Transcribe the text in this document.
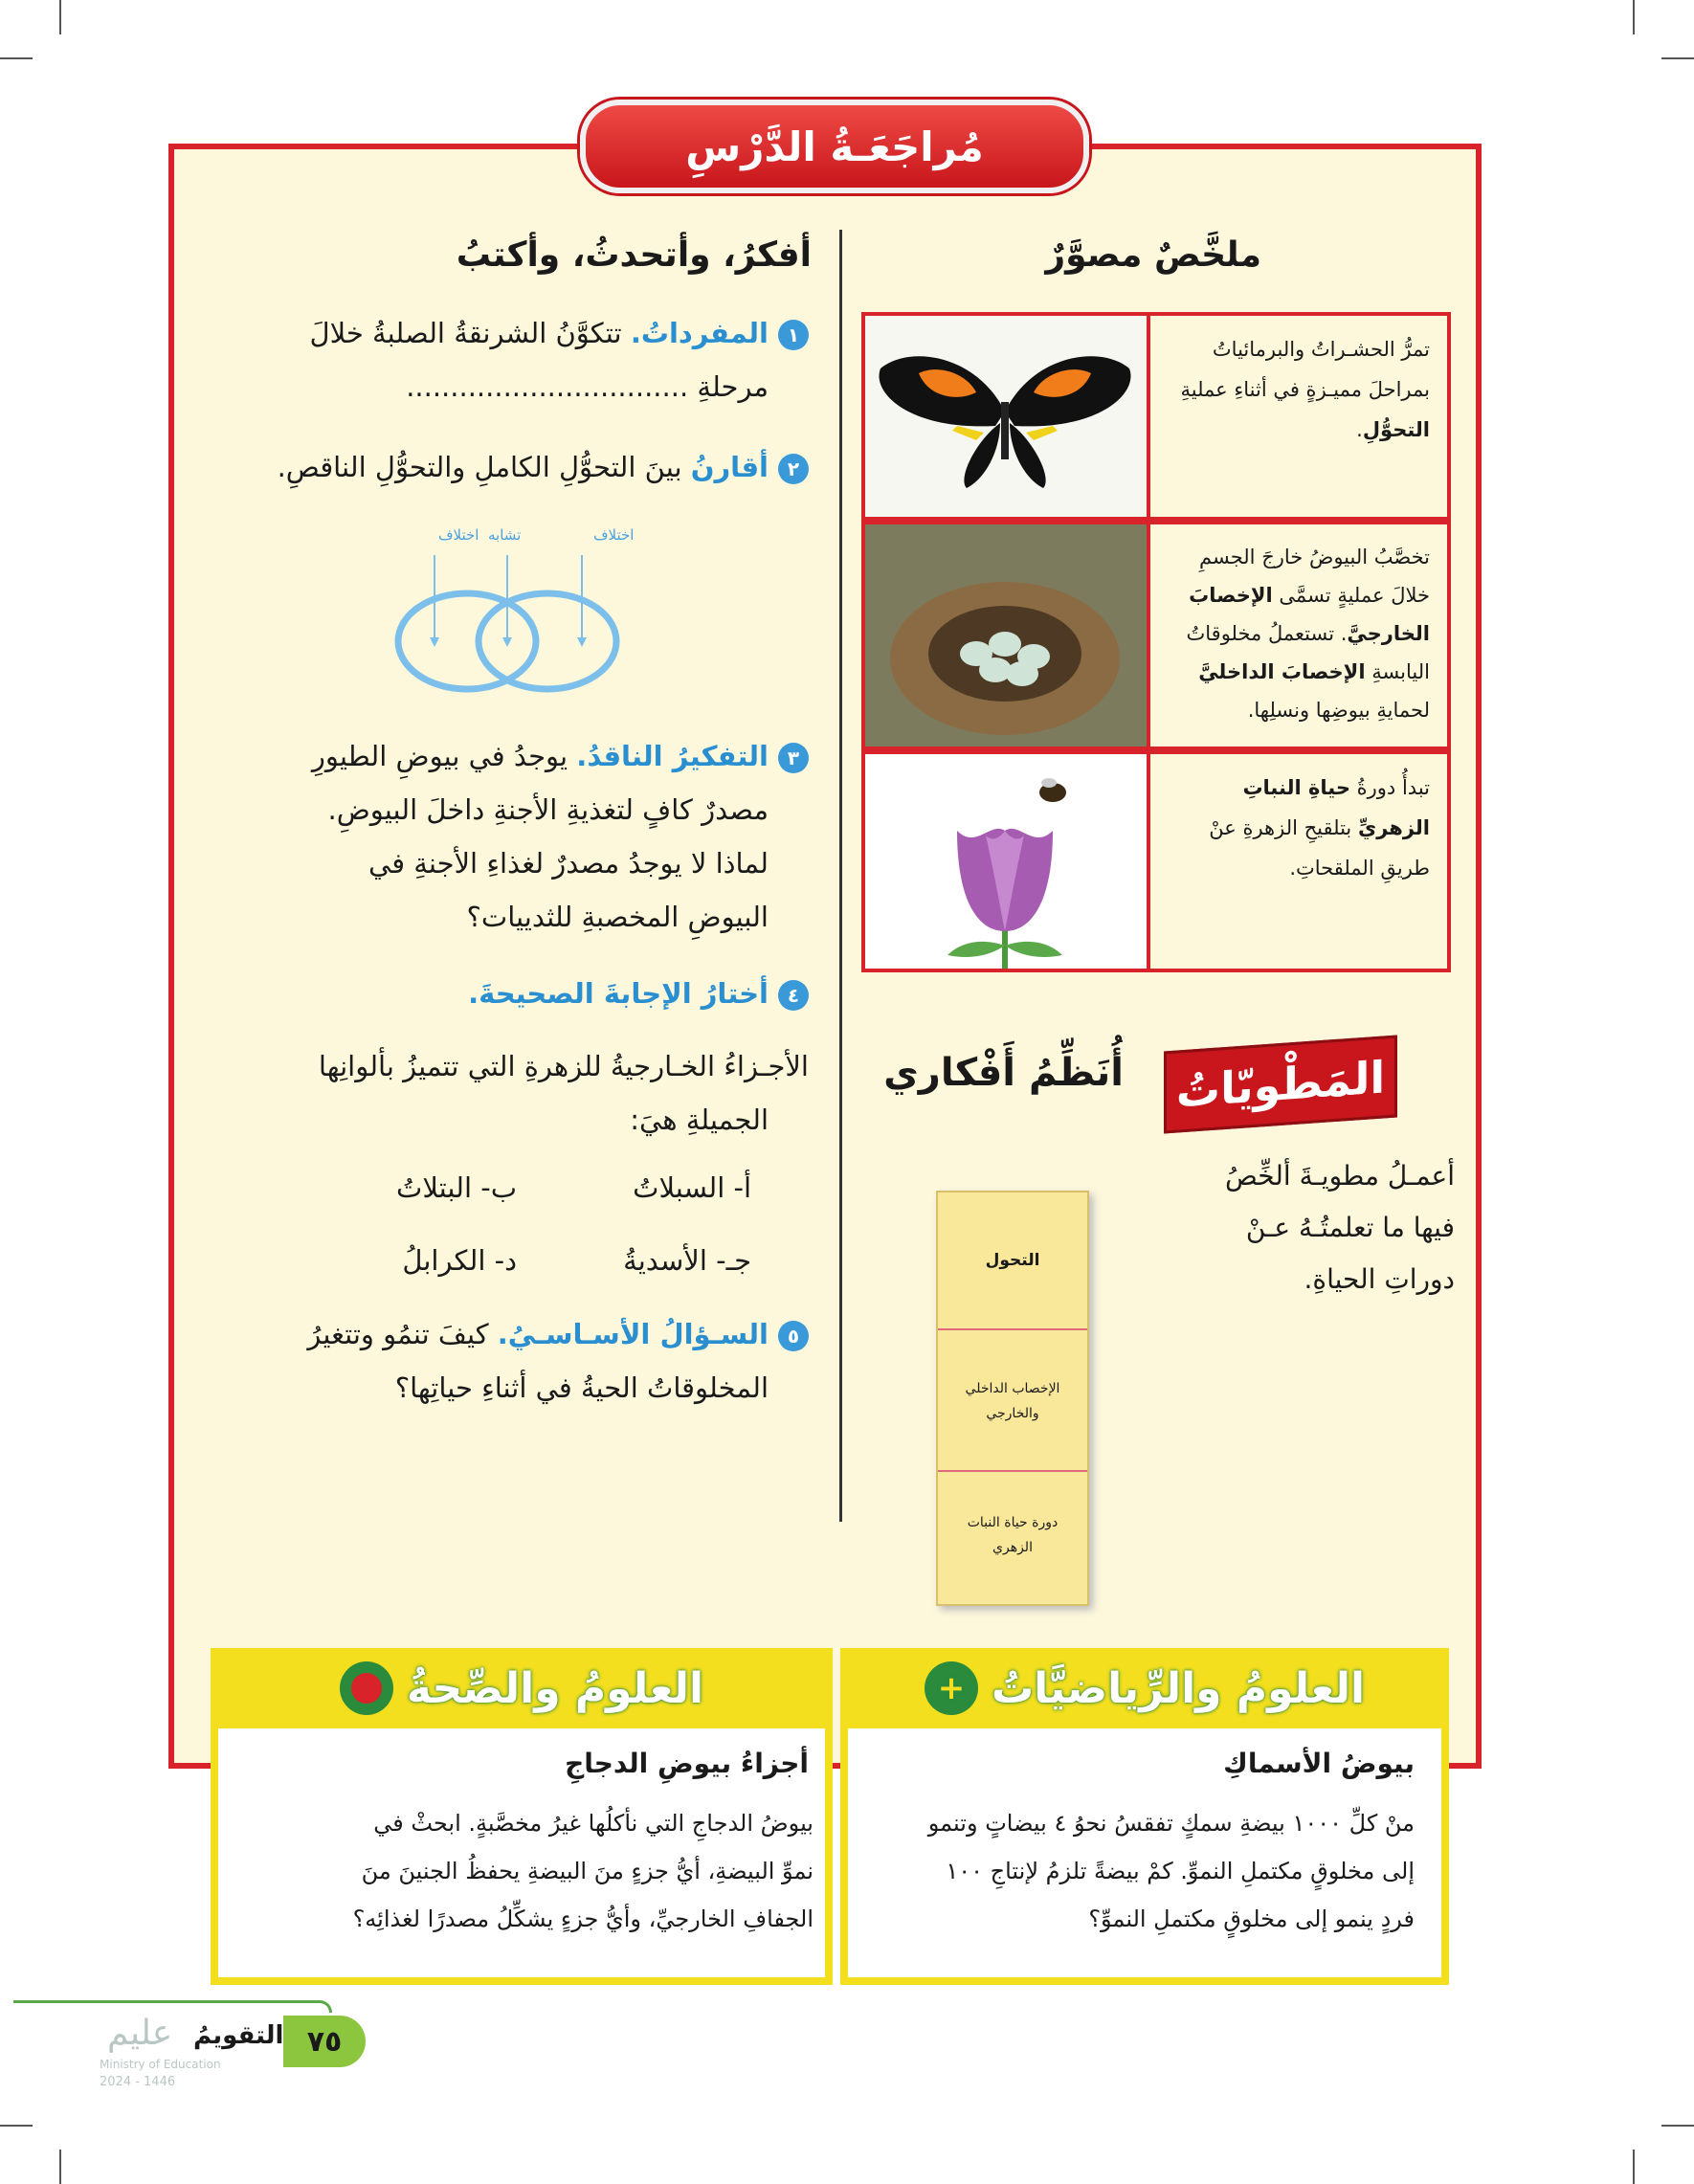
مُراجَعَـةُ الدَّرْسِ
ملخَّصٌ مصوَّرٌ
تمرُّ الحشـراتُ والبرمائياتُ بمراحلَ مميـزةٍ في أثناءِ عمليةِ التحوُّلِ.
تخصَّبُ البيوضُ خارجَ الجسمِ خلالَ عمليةٍ تسمَّى الإخصابَ الخارجيَّ. تستعملُ مخلوقاتُ اليابسةِ الإخصابَ الداخليَّ لحمايةِ بيوضِها ونسلِها.
تبدأُ دورةُ حياةِ النباتِ الزهريِّ بتلقيحِ الزهرةِ عنْ طريقِ الملقحاتِ.
المَطْويّاتُ
أُنَظِّمُ أَفْكاري
أعمـلُ مطويـةَ ألخِّصُ فيها ما تعلمتُـهُ عـنْ دوراتِ الحياةِ.
التحول
الإخصاب الداخلي والخارجي
دورة حياة النبات الزهري
أفكرُ، وأتحدثُ، وأكتبُ
١المفرداتُ. تتكوَّنُ الشرنقةُ الصلبةُ خلالَ
مرحلةِ ................................
٢أقارنُ بينَ التحوُّلِ الكاملِ والتحوُّلِ الناقصِ.
اختلاف
تشابه
اختلاف
٣التفكيرُ الناقدُ. يوجدُ في بيوضِ الطيورِ
مصدرٌ كافٍ لتغذيةِ الأجنةِ داخلَ البيوضِ.
لماذا لا يوجدُ مصدرٌ لغذاءِ الأجنةِ في
البيوضِ المخصبةِ للثدييات؟
٤أختارُ الإجابةَ الصحيحةَ.
الأجـزاءُ الخـارجيةُ للزهرةِ التي تتميزُ بألوانِها
الجميلةِ هيَ:
أ- السبلاتُ
ب- البتلاتُ
جـ- الأسديةُ
د- الكرابلُ
٥السـؤالُ الأسـاسـيُ. كيفَ تنمُو وتتغيرُ
المخلوقاتُ الحيةُ في أثناءِ حياتِها؟
العلومُ والرِّياضيَّاتُ
+
بيوضُ الأسماكِ
منْ كلِّ ١٠٠٠ بيضةِ سمكٍ تفقسُ نحوُ ٤ بيضاتٍ وتنمو
إلى مخلوقٍ مكتملِ النموِّ. كمْ بيضةً تلزمُ لإنتاجِ ١٠٠
فردٍ ينمو إلى مخلوقٍ مكتملِ النموِّ؟
العلومُ والصِّحةُ
أجزاءُ بيوضِ الدجاجِ
بيوضُ الدجاجِ التي نأكلُها غيرُ مخصَّبةٍ. ابحثْ في
نموِّ البيضةِ، أيُّ جزءٍ منَ البيضةِ يحفظُ الجنينَ منَ
الجفافِ الخارجيِّ، وأيُّ جزءٍ يشكِّلُ مصدرًا لغذائِه؟
٧٥
التقويمُ
عليم
Ministry of Education
2024 - 1446
